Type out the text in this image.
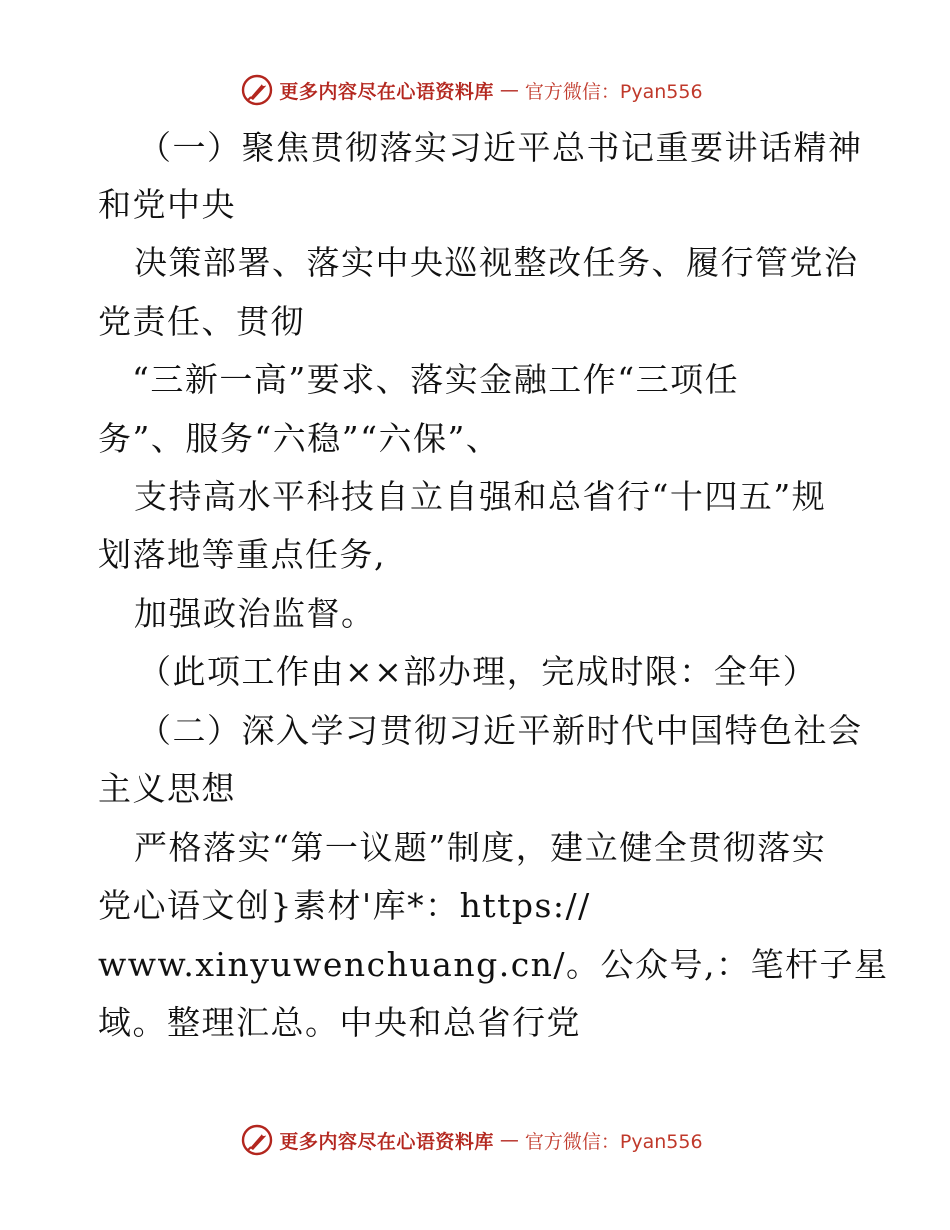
更多内容尽在心语资料库 — 官方微信：Pyan556
（一）聚焦贯彻落实习近平总书记重要讲话精神
和党中央
决策部署、落实中央巡视整改任务、履行管党治
党责任、贯彻
“三新一高”要求、落实金融工作“三项任
务”、服务“六稳”“六保”、
支持高水平科技自立自强和总省行“十四五”规
划落地等重点任务,
加强政治监督。
（此项工作由××部办理，完成时限：全年）
（二）深入学习贯彻习近平新时代中国特色社会
主义思想
严格落实“第一议题”制度，建立健全贯彻落实
党心语文创}素材'库*：https://
www.xinyuwenchuang.cn/。公众号,：笔杆子星
域。整理汇总。中央和总省行党
更多内容尽在心语资料库 — 官方微信：Pyan556
